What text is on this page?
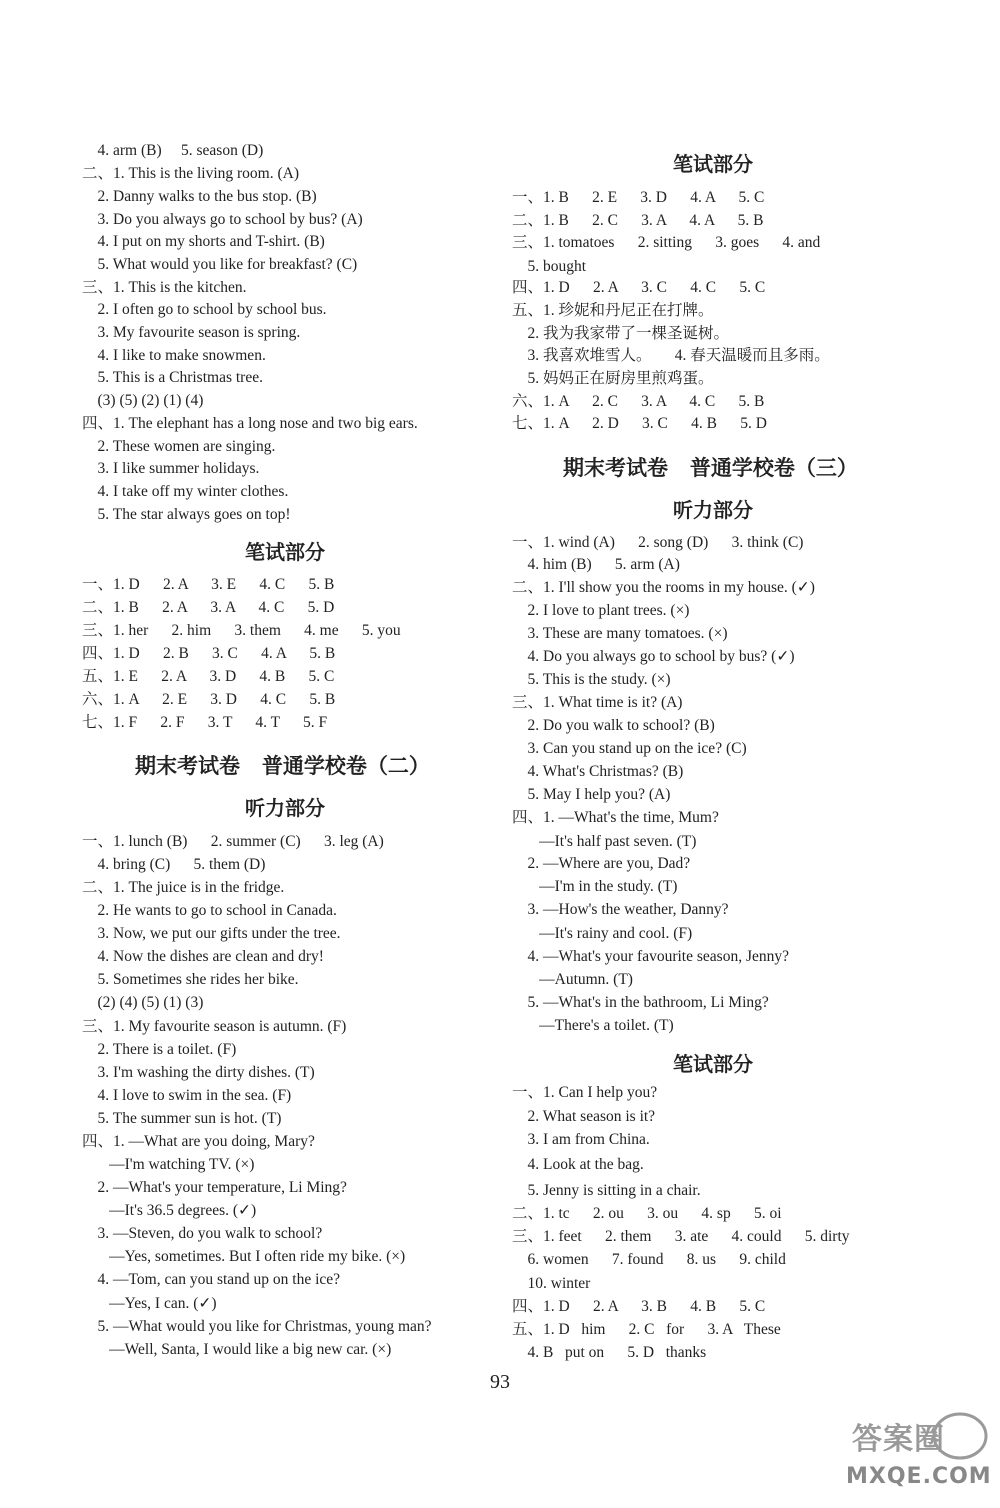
4. arm (B)     5. season (D)
二、1. This is the living room. (A)
2. Danny walks to the bus stop. (B)
3. Do you always go to school by bus? (A)
4. I put on my shorts and T-shirt. (B)
5. What would you like for breakfast? (C)
三、1. This is the kitchen.
2. I often go to school by school bus.
3. My favourite season is spring.
4. I like to make snowmen.
5. This is a Christmas tree.
(3) (5) (2) (1) (4)
四、1. The elephant has a long nose and two big ears.
2. These women are singing.
3. I like summer holidays.
4. I take off my winter clothes.
5. The star always goes on top!
笔试部分
一、1. D      2. A      3. E      4. C      5. B
二、1. B      2. A      3. A      4. C      5. D
三、1. her      2. him      3. them      4. me      5. you
四、1. D      2. B      3. C      4. A      5. B
五、1. E      2. A      3. D      4. B      5. C
六、1. A      2. E      3. D      4. C      5. B
七、1. F      2. F      3. T      4. T      5. F
期末考试卷   普通学校卷（二）
听力部分
一、1. lunch (B)      2. summer (C)      3. leg (A)
4. bring (C)      5. them (D)
二、1. The juice is in the fridge.
2. He wants to go to school in Canada.
3. Now, we put our gifts under the tree.
4. Now the dishes are clean and dry!
5. Sometimes she rides her bike.
(2) (4) (5) (1) (3)
三、1. My favourite season is autumn. (F)
2. There is a toilet. (F)
3. I'm washing the dirty dishes. (T)
4. I love to swim in the sea. (F)
5. The summer sun is hot. (T)
四、1. —What are you doing, Mary?
—I'm watching TV. (×)
2. —What's your temperature, Li Ming?
—It's 36.5 degrees. (✓)
3. —Steven, do you walk to school?
—Yes, sometimes. But I often ride my bike. (×)
4. —Tom, can you stand up on the ice?
—Yes, I can. (✓)
5. —What would you like for Christmas, young man?
—Well, Santa, I would like a big new car. (×)
笔试部分
一、1. B      2. E      3. D      4. A      5. C
二、1. B      2. C      3. A      4. A      5. B
三、1. tomatoes      2. sitting      3. goes      4. and
5. bought
四、1. D      2. A      3. C      4. C      5. C
五、1. 珍妮和丹尼正在打牌。
2. 我为我家带了一棵圣诞树。
3. 我喜欢堆雪人。      4. 春天温暖而且多雨。
5. 妈妈正在厨房里煎鸡蛋。
六、1. A      2. C      3. A      4. C      5. B
七、1. A      2. D      3. C      4. B      5. D
期末考试卷   普通学校卷（三）
听力部分
一、1. wind (A)      2. song (D)      3. think (C)
4. him (B)      5. arm (A)
二、1. I'll show you the rooms in my house. (✓)
2. I love to plant trees. (×)
3. These are many tomatoes. (×)
4. Do you always go to school by bus? (✓)
5. This is the study. (×)
三、1. What time is it? (A)
2. Do you walk to school? (B)
3. Can you stand up on the ice? (C)
4. What's Christmas? (B)
5. May I help you? (A)
四、1. —What's the time, Mum?
—It's half past seven. (T)
2. —Where are you, Dad?
—I'm in the study. (T)
3. —How's the weather, Danny?
—It's rainy and cool. (F)
4. —What's your favourite season, Jenny?
—Autumn. (T)
5. —What's in the bathroom, Li Ming?
—There's a toilet. (T)
笔试部分
一、1. Can I help you?
2. What season is it?
3. I am from China.
4. Look at the bag.
5. Jenny is sitting in a chair.
二、1. tc      2. ou      3. ou      4. sp      5. oi
三、1. feet      2. them      3. ate      4. could      5. dirty
6. women      7. found      8. us      9. child
10. winter
四、1. D      2. A      3. B      4. B      5. C
五、1. D   him      2. C   for      3. A   These
4. B   put on      5. D   thanks
93
答案圈
MXQE.COM
